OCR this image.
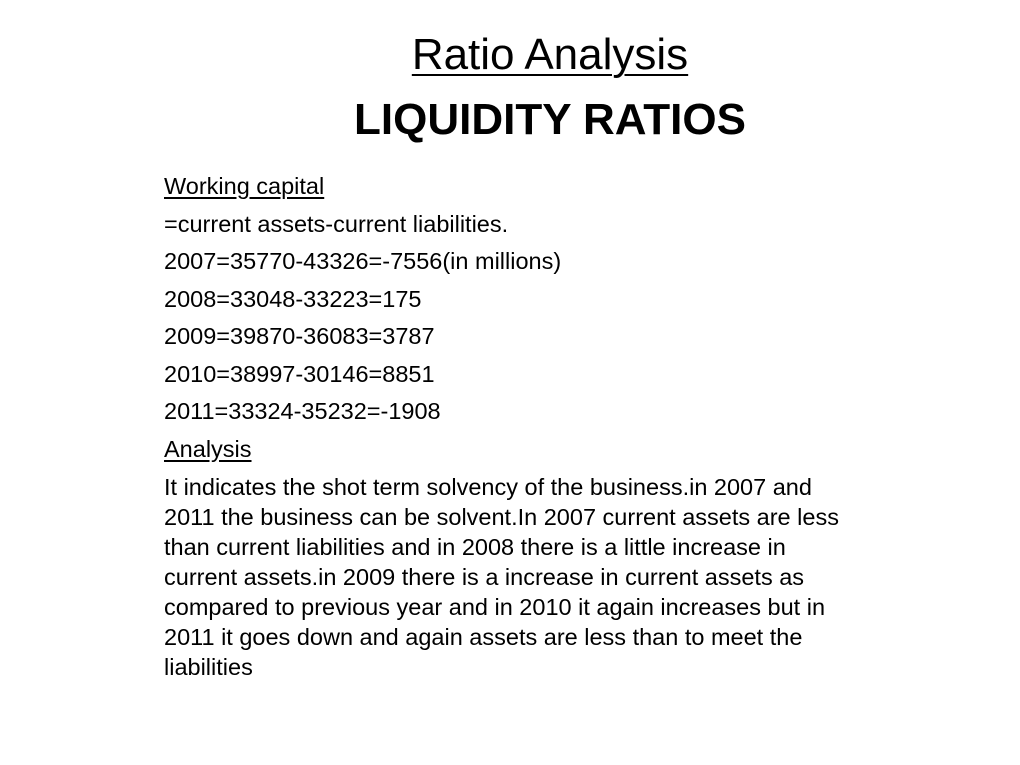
Ratio Analysis
LIQUIDITY RATIOS
Working capital
=current assets-current liabilities.
2007=35770-43326=-7556(in millions)
2008=33048-33223=175
2009=39870-36083=3787
2010=38997-30146=8851
2011=33324-35232=-1908
Analysis
It indicates the shot term solvency of the business.in 2007 and 2011 the business can be solvent.In 2007 current assets are less than current liabilities and in 2008 there is a little increase in current assets.in 2009 there is a increase in current assets as compared to previous year and in 2010 it again increases but in 2011 it goes down and again assets are less than to meet the liabilities
